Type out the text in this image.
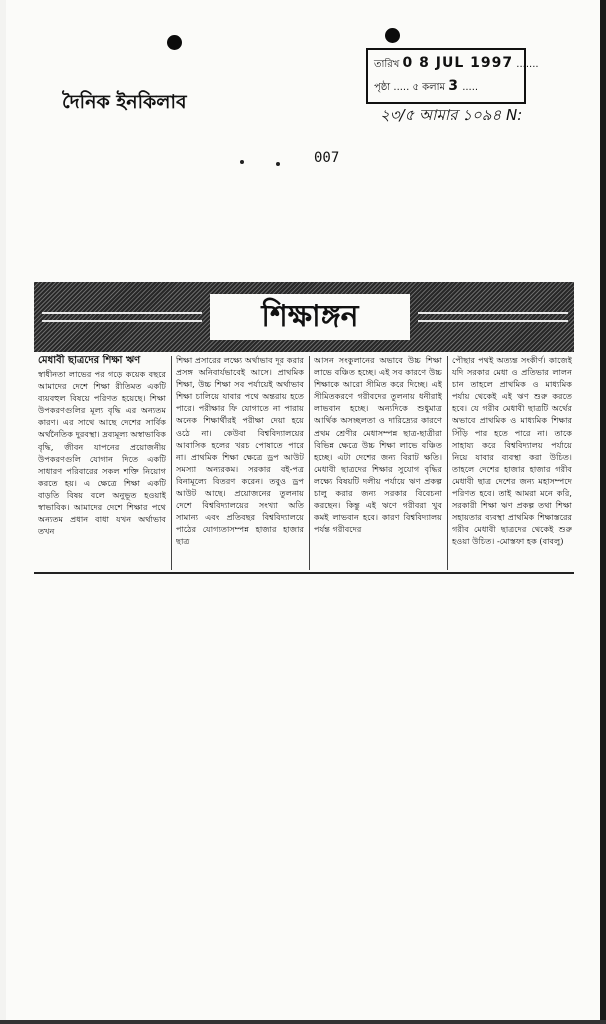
তারিখ 0 8 JUL 1997 .......
পৃষ্ঠা ..... ৫ কলাম 3 .....
দৈনিক ইনকিলাব
২৩/৫ আমার ১০৯৪ N:
007
শিক্ষাঙ্গন
মেধাবী ছাত্রদের শিক্ষা ঋণ
স্বাধীনতা লাভের পর গড়ে কয়েক বছরে আমাদের দেশে শিক্ষা রীতিমত একটি ব্যয়বহুল বিষয়ে পরিণত হয়েছে। শিক্ষা উপকরণগুলির মূল্য বৃদ্ধি এর অন্যতম কারণ। এর সাথে আছে দেশের সার্বিক অর্থনৈতিক দুরবস্থা। দ্রব্যমূল্য অস্বাভাবিক বৃদ্ধি, জীবন যাপনের প্রয়োজনীয় উপকরণগুলি যোগান দিতে একটি সাধারণ পরিবারের সকল শক্তি নিয়োগ করতে হয়। এ ক্ষেত্রে শিক্ষা একটি বাড়তি বিষয় বলে অনুভূত হওয়াই স্বাভাবিক। আমাদের দেশে শিক্ষার পথে অন্যতম প্রধান বাধা যখন অর্থাভাব তখন
শিক্ষা প্রসারের লক্ষ্যে অর্থাভাব দূর করার প্রসঙ্গ অনিবার্যভাবেই আসে। প্রাথমিক শিক্ষা, উচ্চ শিক্ষা সব পর্যায়েই অর্থাভাব শিক্ষা চালিয়ে যাবার পথে অন্তরায় হতে পারে। পরীক্ষার ফি যোগাতে না পারায় অনেক শিক্ষার্থীরই পরীক্ষা দেয়া হয়ে ওঠে না। কেউবা বিশ্ববিদ্যালয়ের আবাসিক হলের খরচ পোষাতে পারে না। প্রাথমিক শিক্ষা ক্ষেত্রে ড্রপ আউট সমস্যা অন্যরকম। সরকার বই-পত্র বিনামূল্যে বিতরণ করেন। তবুও ড্রপ আউট আছে। প্রয়োজনের তুলনায় দেশে বিশ্ববিদ্যালয়ের সংখ্যা অতি সামান্য এবং প্রতিবছর বিশ্ববিদ্যালয়ে পাঠের যোগ্যতাসম্পন্ন হাজার হাজার ছাত্র
আসন সংকুলানের অভাবে উচ্চ শিক্ষা লাভে বঞ্চিত হচ্ছে। এই সব কারণে উচ্চ শিক্ষাকে আরো সীমিত করে দিচ্ছে। এই সীমিতকরণে গরীবদের তুলনায় ধনীরাই লাভবান হচ্ছে। অন্যদিকে শুধুমাত্র আর্থিক অসচ্ছলতা ও দারিদ্র্যের কারণে প্রথম শ্রেণীর মেধাসম্পন্ন ছাত্র-ছাত্রীরা বিভিন্ন ক্ষেত্রে উচ্চ শিক্ষা লাভে বঞ্চিত হচ্ছে। এটা দেশের জন্য বিরাট ক্ষতি। মেধাবী ছাত্রদের শিক্ষার সুযোগ বৃদ্ধির লক্ষ্যে বিষয়টি দলীয় পর্যায়ে ঋণ প্রকল্প চালু করার জন্য সরকার বিবেচনা করছেন। কিন্তু এই ঋণে গরীবরা খুব কমই লাভবান হবে। কারণ বিশ্ববিদ্যালয় পর্যন্ত গরীবদের
পৌছার পথই অত্যন্ত সংকীর্ণ। কাজেই যদি সরকার মেধা ও প্রতিভার লালন চান তাহলে প্রাথমিক ও মাধ্যমিক পর্যায় থেকেই এই ঋণ শুরু করতে হবে। যে গরীব মেধাবী ছাত্রটি অর্থের অভাবে প্রাথমিক ও মাধ্যমিক শিক্ষার সিঁড়ি পার হতে পারে না। তাকে সাহায্য করে বিশ্ববিদ্যালয় পর্যায়ে নিয়ে যাবার ব্যবস্থা করা উচিত। তাহলে দেশের হাজার হাজার গরীব মেধাবী ছাত্র দেশের জন্য মহাসম্পদে পরিণত হবে। তাই আমরা মনে করি, সরকারী শিক্ষা ঋণ প্রকল্প তথা শিক্ষা সহায়তার ব্যবস্থা প্রাথমিক শিক্ষাস্তরের গরীব মেধাবী ছাত্রদের থেকেই শুরু হওয়া উচিত। -মোস্তফা হক (বাবলু)
